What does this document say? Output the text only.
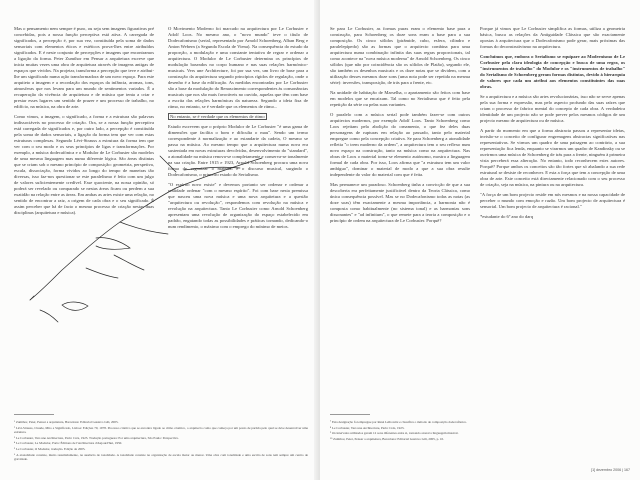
Mas o pensamento nem sempre é puro, ou seja sem imagens figurativas pré concebidas, pois a nossa função perceptiva está ativa. A carregada de significados, a percepção é, por sua vez, constituída pela soma de dados sensoriais com elementos éticos e estéticos prova-lhes entre atribuídos significados. E é neste conjunto de percepções e imagens que encontramos a ligação da forma. Peter Zumthor em Pensar a arquitetura escreve que inicia muitas vezes uma obra de arquitetura através de imagens antigas de espaços que vividos. Na projetar, transforma a percepção que teve e atribui-lhe um significado numa ação transformadora de um novo espaço. Para este arquiteto a imagem e a recordação dos espaços da infância, aromas, tons, atmosferas que nos levam para um mundo de sentimentos variados. É a recuperação da vivência de arquitetura e de música que tenta a criar e prestar esses lugares um sentido de prazer e um processo de trabalho, no edifício, na música, na obra de arte.

Como vimos, a imagem, o significado, a forma e a estrutura são palavras indissociáveis no processo de criação. Ora, se a nossa função perceptiva está carregada de significados e, por outro lado, a percepção é constituída pela soma de dados sensoriais, a ligação da forma tem que ver com estas estruturas complexas. Segundo Lévi-Strauss a estrutura da forma tem que ver com o seu modo e os seus princípios de ligas e transformações. Por exemplo, a música dodecafónica e o Modulor de Le Corbusier são modelos de uma mesma linguagem mas numa diferente lógica. São áreas distintas que se criam sob o mesmo princípio de composição: geometria, perspetiva, escala, dissociação, forma vividos ao longo do tempo de maneiras tão diversas, isso faz-nos questionar se este paralelismo é feito com um julgo de valores suficientemente credível. Esse quociente, na nossa opinião, só poderá ser revelado ou comparado se nestas áreas ficam ou perdem a sua exatidão na relação entre as áreas. Em ambas as artes existe uma relação, no sentido de encontrar a raiz, a origem de cada obra e o seu significado. É assim perceber que há de facto o mesmo processo de criação nestas duas disciplinas (arquitetura e música).

O Movimento Moderno foi marcado na arquitectura por Le Corbusier e Adolf Loos. No mesmo ano, o "novo mundo" teve o título de Dodecafonismo (serial, representado por Arnold Schoenberg, Alban Berg e Anton Webern (a Segunda Escola de Viena). Na consequência do estudo da proporção, a modulação e uma constante tentativa de regrar e ordenar a arquitectura. O Modulor de Le Corbusier determina os princípios de modulação baseados no corpo humano e nas suas relações harmónico-musicais. Vers une Architecture, foi por sua vez, um livro de base para a construção da arquitectura segundo princípios rígidos de regulação, onde o desenho é a base da edificação. As medidas encontradas por Le Corbusier são a base da modulação do Renascimento correspondentes às consonâncias musicais que nos são mais favoráveis no ouvido, aquelas que têm com base a escrita das relações harmónicas da natureza. Segundo a ideia fixa de ritmo, no entanto, se é verdade que os elementos de ritmo...

No entanto, se é verdade que os elementos de ritmo

Estudo escrevem que o próprio Modulor de Le Corbusier "é uma gama de dimensões que facilita o bom e dificulta o mau". Sendo um termo correspondente à normalização e ao estandarte da cadeia, O mesmo se passa na música. Ao mesmo tempo que a arquitectura numa nova era sustentada em novas estruturas devolvidas, desenvolvimento do "standard", a atonalidade na música renova-se completamente e conserva-se tonalmente na sua criação. Entre 1915 e 1923, Arnold Schoenberg procura uma nova forma de organizar o material e o discurso musical, surgindo o Dodecafonismo, o primeiro estado do Serialismo.

"O espírito novo existe" e devemos portanto ser ordenar e ordenar a realidade ordenar "com o mesmo espírito". Foi com base nesta premissa que nasceu uma nova música e uma nova arquitetura e a questão "arquitectura ou revolução", respondemos com revolução na música e revolução na arquitectura. Tanto Le Corbusier como Arnold Schoenberg apresentam uma revolução de organização do espaço estabelecido em padrão, engatando todas as possibilidades e práticas tornando, dedicando-o num rendimento, o máximo com o emprego do mínimo de meios.

¹ Zumthor, Peter, Pensar a arquitetura, Barcelona: Editorial Gustavo Gili, 2005.

² Lévi-Strauss, Claude, Mito e Significado, Lisboa: Edições 70, 1978. Processo criativo que se encontra ligado ao ritmo cósmico, o arquitecto como que começa por um ponto de partida pelo qual se deve desenvolver uma estrutura.

³ Le Corbusier, Vers une Architecture, Paris: Crès, 1923. Tradução portuguesa: Por uma arquitectura, São Paulo: Perspectiva.

⁴ Le Corbusier, Le Modulor, Paris: Éditions de l'Architecture d'Aujourd'hui, 1950.

⁵ Le Corbusier, O Modulor, tradução. Edição de 2005.

⁶ A atonalidade consiste, muito resumidamente, na ausência de tonalidade. A tonalidade consiste na organização de escala maior ou menor. Uma obra com tonalidade e uma escrita de sons tem sempre um centro de gravidade.

Se para Le Corbusier, as formas puras eram o elemento base para a construção, para Schoenberg os doze sons eram a base para a sua composição. Os cinco sólidos (pirâmide, cubo, esfera, cilindro e paralelepípedo) são as formas que o arquitecto combina para uma arquitectura numa combinação infinita das suas regras proporcionais, tal como acontece na "nova música moderna" de Arnold Schoenberg. Os cinco sólidos (que não por coincidência são os sólidos de Platão), segundo ele, são também os desenhos musicais e os doze notas que se dividem, com a utilização desses mesmos doze sons (uma nota pode ser repetida na mesma série): inversões, transposição, de trás para a frente, etc.

Na unidade de habitação de Marselha, o apartamento são feitos com base em modelos que se encaixam. Tal como no Serialismo que é feito pela repetição da série ou pelas suas variantes.

O paralelo com a música serial pode também fazer-se com outros arquitectos modernos, por exemplo Adolf Loos. Tanto Schoenberg como Loos rejeitam pela abolição do ornamento, o que fez deles duas personagens de rupturas em relação ao passado, tanto pelo material empregue como pela concepção criativa. Se para Schoenberg a atonalidade refletia "o trem moderno da ordem", a arquitectura tem o seu reflexo num novo espaço na construção, tanto na música como na arquitectura. Nas obras de Loos o material torna-se elemento autónomo, mostra a linguagem formal de cada obra. Por isso, Loos afirma que "a estrutura tem um valor ambíguo", dominar o material de modo a que a sua obra resulte independente do valor do material com que é feita.

Mas permanece um paradoxo. Schoenberg tinha a convicção de que a sua descoberta era perfeitamente justificável dentro da Teoria Clássica, como única consequência possível. Mas se no Dodecafonismo todas as notas (as doze soas) têm exactamente a mesma importância, a harmonia não é composta como habitualmente (no sistema tonal) e as harmonias sons dissonantes" e "ad infinitum", o que remete para a teoria a composição e o princípio de ordem na arquitectura de Le Corbusier. Porquê?

Porque já vimos que Le Corbusier simplifica as formas, utiliza a geometria básica, busca as relações da Antiguidade Clássica que são exactamente opostas à arquitectura que o Dodecafonismo pode gerar, mais próximas das formas do deconstrutivismo na arquitectura.

Concluímos que, embora o Serialismo se equipare ao Modernismo de Le Corbusier pela clara ideologia de concepção e busca de uma regra, os "instrumentos de trabalho" do Modulor e os "instrumentos de trabalho" do Serialismo de Schoenberg geram formas distintas, devido à hierarquia de valores que cada um atribui aos elementos constituintes das suas obras.

Se a arquitectura e a música são artes revolucionárias, isso não se serve apenas pela sua forma e expressão, mas pelo aspecto profundo das suas raízes que criam o processo de fabrico mental do concepto de cada obra. A verdadeira identidade de um projecto não se pode prever pelos mesmos códigos de um projecto mesmo de arquitectura ou de música.

A partir do momento em que a forma abstracta passou a representar ideias, invisão-se o conceito de configurar engrenagens abstractas significativas nas representativas. Se virmos um quadro de uma paisagem ao contrário, a sua representação fica lenda, enquanto se virarmos um quadro de Kandinsky ou se ouvirmos uma música de Schoenberg de trás para a frente, ninguém à primeira vista perceberá essa alteração. No entanto, todo reconhecem estes autores. Porquê? Porque ambos os conceitos são tão fortes que só abalando a sua rede estrutural se desiste de reconhecer. E esta a força que tem a concepção de uma obra de arte. Este conceito está directamente relacionado com o seu processo de criação, seja na música, na pintura ou na arquitectura.

"A força de um bom projecto reside em nós mesmos e na nossa capacidade de perceber o mundo com emoção e razão. Um bom projecto de arquitectura é sensorial. Um bom projecto de arquitectura é racional."

*estudante do 6º ano do darq

⁷ Esta designação foi empregue por René Leibowitz e classifica o método de composição dodecafónico.

⁸ Le Corbusier, Vers une Architecture, Paris: Crès, 1923.

⁹ Os intervalos utilizados geram 12 sons diferentes entre si, tornando atonal a linguagem musical.

¹⁰ Zumthor, Peter, Pensar a arquitetura, Barcelona: Editorial Gustavo Gili, 2005, p. 10.

[1] dezembro 2006 | 167
